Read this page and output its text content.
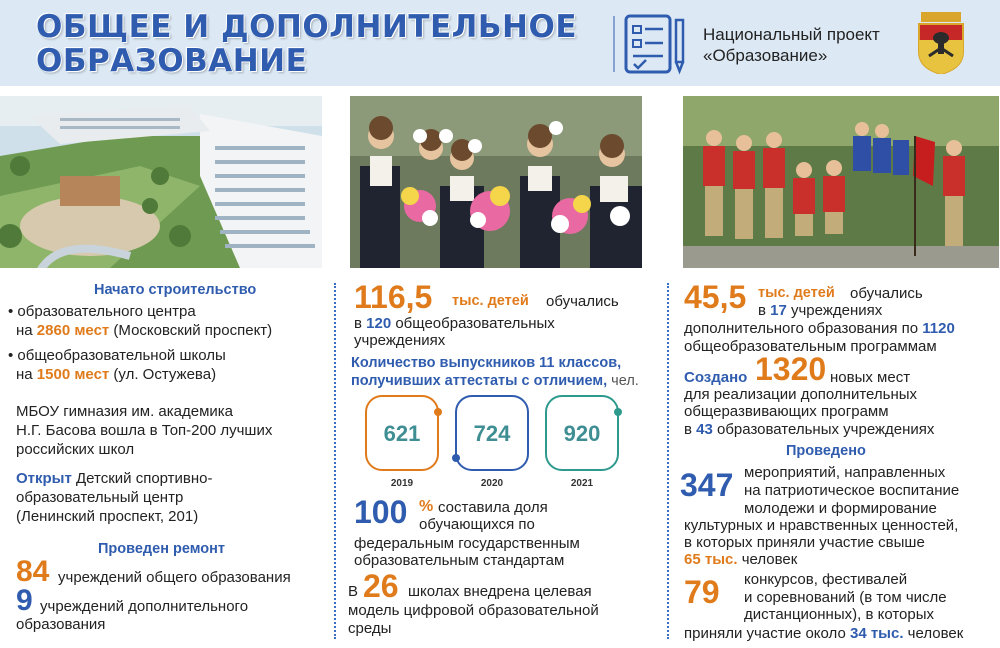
ОБЩЕЕ И ДОПОЛНИТЕЛЬНОЕ
ОБРАЗОВАНИЕ
Национальный проект
«Образование»
Начато строительство
• образовательного центра
на 2860 мест (Московский проспект)
• общеобразовательной школы
на 1500 мест (ул. Остужева)
МБОУ гимназия им. академика
Н.Г. Басова вошла в Топ-200 лучших
российских школ
Открыт Детский спортивно-
образовательный центр
(Ленинский проспект, 201)
Проведен ремонт
84 учреждений общего образования
9 учреждений дополнительного
образования
116,5 тыс. детей обучались
в 120 общеобразовательных
учреждениях
Количество выпускников 11 классов,
получивших аттестаты с отличием, чел.
621
2019
724
2020
920
2021
100 % составила доля
обучающихся по
федеральным государственным
образовательным стандартам
В 26 школах внедрена целевая
модель цифровой образовательной
среды
45,5 тыс. детей обучались
в 17 учреждениях
дополнительного образования по 1120
общеобразовательным программам
Создано 1320 новых мест
для реализации дополнительных
общеразвивающих программ
в 43 образовательных учреждениях
Проведено
347 мероприятий, направленных
на патриотическое воспитание
молодежи и формирование
культурных и нравственных ценностей,
в которых приняли участие свыше
65 тыс. человек
79 конкурсов, фестивалей
и соревнований (в том числе
дистанционных), в которых
приняли участие около 34 тыс. человек
